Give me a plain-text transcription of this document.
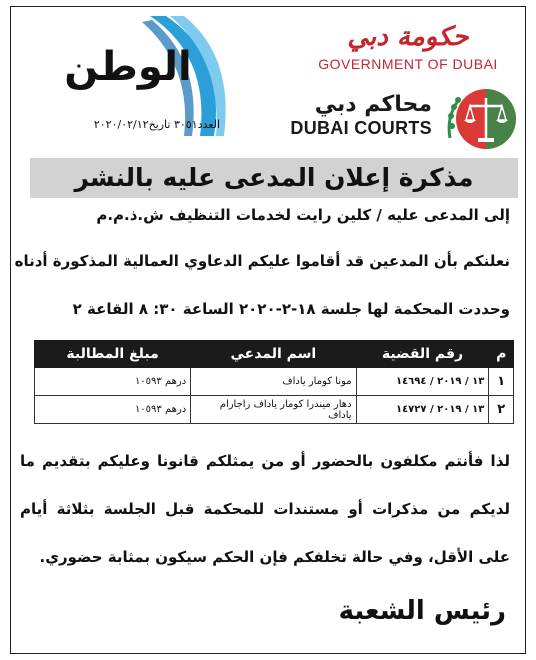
حكومة دبي
GOVERNMENT OF DUBAI
محاكم دبي
DUBAI COURTS
الوطن
العدد٣٠٥١ تاريخ٢٠٢٠/٠٢/١٢
مذكرة إعلان المدعى عليه بالنشر
إلى المدعى عليه / كلين رايت لخدمات التنظيف ش.ذ.م.م
نعلنكم بأن المدعين قد أقاموا عليكم الدعاوي العمالية المذكورة أدناه
وحددت المحكمة لها جلسة ١٨-٢-٢٠٢٠ الساعة ٣٠: ٨ القاعة ٢
م	رقم القضية	اسم المدعي	مبلغ المطالبة
١	١٣ / ٢٠١٩ / ١٤٦٩٤	مونا كومار ياداف	درهم ١٠٥٩٣
٢	١٣ / ٢٠١٩ / ١٤٧٢٧	دهار ميندرا كومار ياداف راجارام ياداف	درهم ١٠٥٩٣
لذا فأنتم مكلفون بالحضور أو من يمثلكم قانونا وعليكم بتقديم ما
لديكم من مذكرات أو مستندات للمحكمة قبل الجلسة بثلاثة أيام
على الأقل، وفي حالة تخلفكم فإن الحكم سيكون بمثابة حضوري.
رئيس الشعبة
